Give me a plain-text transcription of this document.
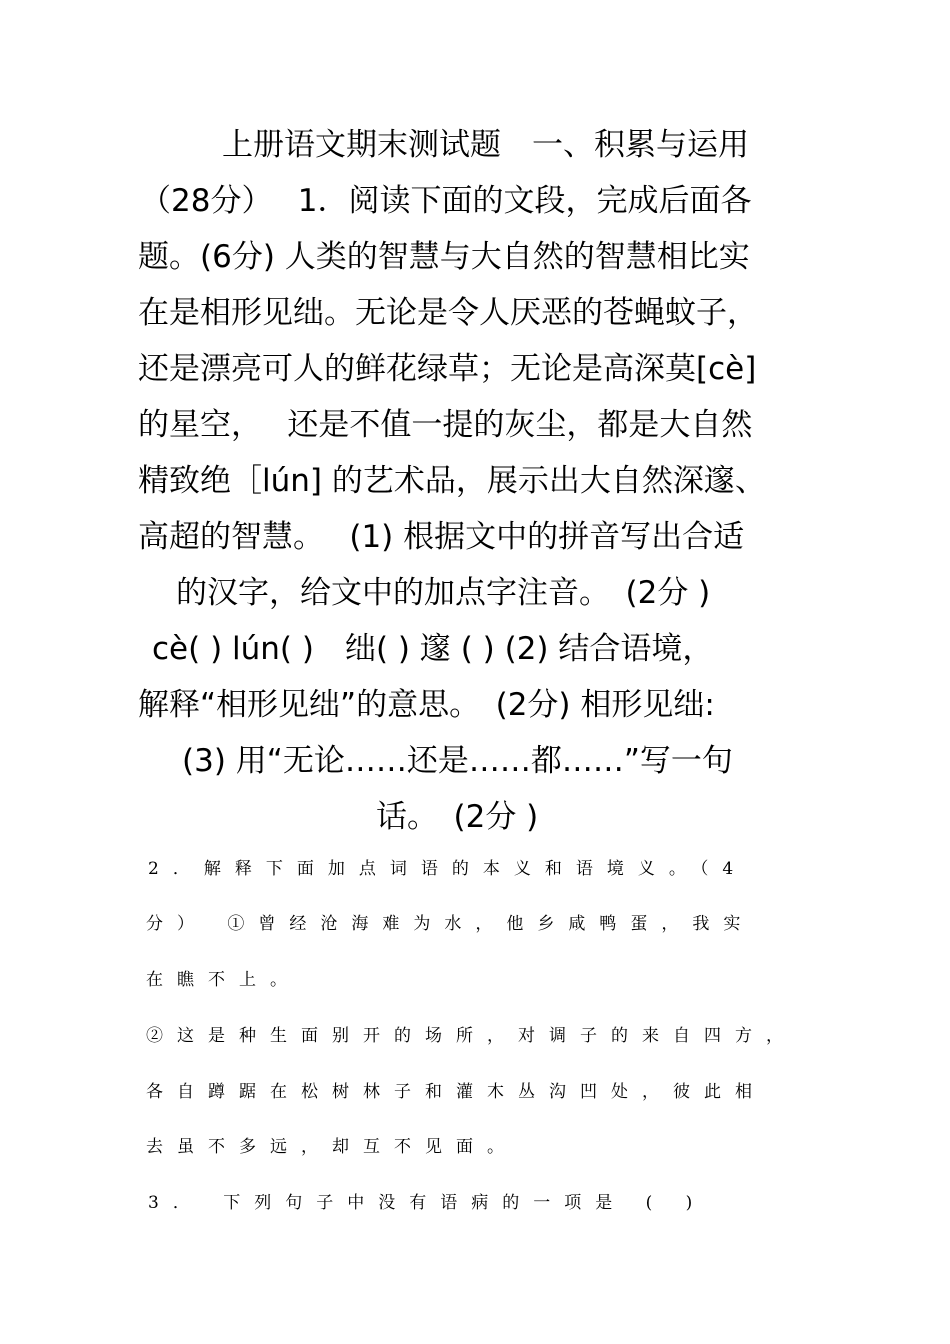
上册语文期末测试题　一、积累与运用
（28分）　 1．阅读下面的文段，完成后面各
题。(6分) 人类的智慧与大自然的智慧相比实
在是相形见绌。无论是令人厌恶的苍蝇蚊子，
还是漂亮可人的鲜花绿草；无论是高深莫[cè]
的星空，　 还是不值一提的灰尘，都是大自然
精致绝［lún] 的艺术品，展示出大自然深邃、
高超的智慧。　 (1) 根据文中的拼音写出合适
的汉字，给文中的加点字注音。　(2分 )
cè( ) lún( )　绌( ) 邃 ( ) (2) 结合语境，
解释“相形见绌”的意思。　(2分) 相形见绌:
(3) 用“无论……还是……都……”写一句
话。　(2分 )
2．解释下面加点词语的本义和语境义。（4
分） ①曾经沧海难为水，他乡咸鸭蛋，我实
在瞧不上。
②这是种生面别开的场所，对调子的来自四方，
各自蹲踞在松树林子和灌木丛沟凹处，彼此相
去虽不多远，却互不见面。
3． 下列句子中没有语病的一项是 ( )
